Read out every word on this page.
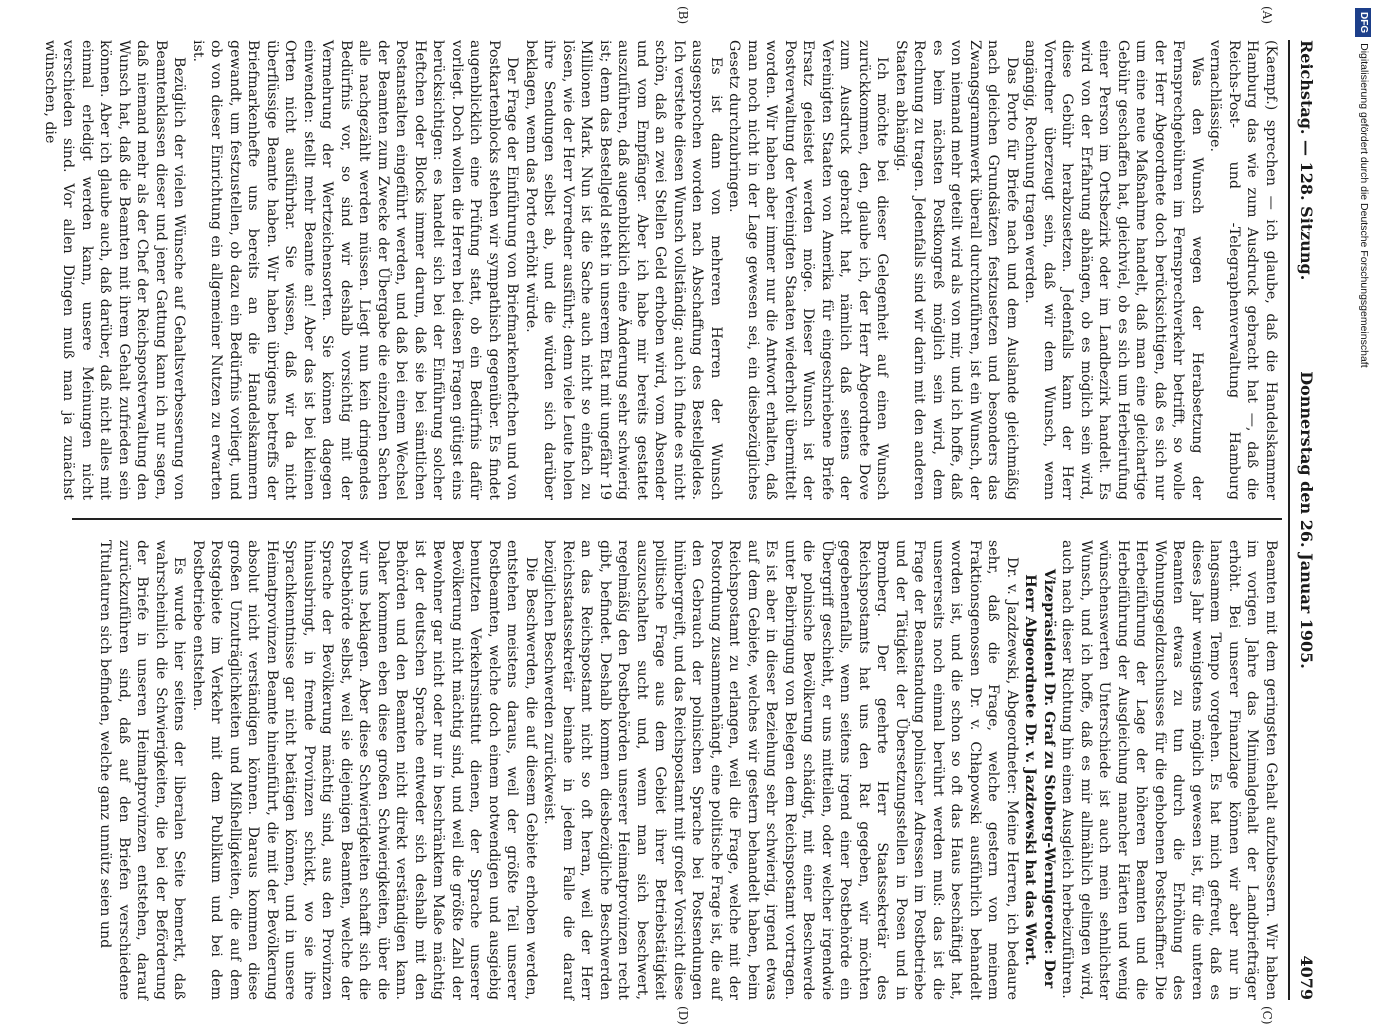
Reichstag. — 128. Sitzung.
Donnerstag den 26. Januar 1905.
4079
(A)
(B)
(C)
(D)

(Kaempf.) sprechen — ich glaube, daß die Handelskammer Hamburg das wie zum Ausdruck gebracht hat —, daß die Reichs-Post- und -Telegraphenverwaltung Hamburg vernachlässige.

Was den Wunsch wegen der Herabsetzung der Fernsprechgebühren im Fernsprechverkehr betrifft, so wolle der Herr Abgeordnete doch berücksichtigen, daß es sich nur um eine neue Maßnahme handelt, daß man eine gleichartige Gebühr geschaffen hat, gleichviel, ob es sich um Herbeirufung einer Person im Ortsbezirk oder im Landbezirk handelt. Es wird von der Erfahrung abhängen, ob es möglich sein wird, diese Gebühr herabzusetzen. Jedenfalls kann der Herr Vorredner überzeugt sein, daß wir dem Wunsch, wenn angängig, Rechnung tragen werden.

Das Porto für Briefe nach und dem Auslande gleichmäßig nach gleichen Grundsätzen festzusetzen und besonders das Zwangsgrammwerk überall durchzuführen, ist ein Wunsch, der von niemand mehr geteilt wird als von mir, und ich hoffe, daß es beim nächsten Postkongreß möglich sein wird, dem Rechnung zu tragen. Jedenfalls sind wir darin mit den anderen Staaten abhängig.

Ich möchte bei dieser Gelegenheit auf einen Wunsch zurückkommen, den, glaube ich, der Herr Abgeordnete Dove zum Ausdruck gebracht hat, nämlich daß seitens der Vereinigten Staaten von Amerika für eingeschriebene Briefe Ersatz geleistet werden möge. Dieser Wunsch ist der Postverwaltung der Vereinigten Staaten wiederholt übermittelt worden. Wir haben aber immer nur die Antwort erhalten, daß man noch nicht in der Lage gewesen sei, ein diesbezügliches Gesetz durchzubringen.

Es ist dann von mehreren Herren der Wunsch ausgesprochen worden nach Abschaffung des Bestellgeldes. Ich verstehe diesen Wunsch vollständig; auch ich finde es nicht schön, daß an zwei Stellen Geld erhoben wird, vom Absender und vom Empfänger. Aber ich habe mir bereits gestattet auszuführen, daß augenblicklich eine Änderung sehr schwierig ist; denn das Bestellgeld steht in unserem Etat mit ungefähr 19 Millionen Mark. Nun ist die Sache auch nicht so einfach zu lösen, wie der Herr Vorredner ausführt; denn viele Leute holen ihre Sendungen selbst ab, und die würden sich darüber beklagen, wenn das Porto erhöht würde.

Der Frage der Einführung von Briefmarkenheftchen und von Postkartenblocks stehen wir sympathisch gegenüber. Es findet augenblicklich eine Prüfung statt, ob ein Bedürfnis dafür vorliegt. Doch wollen die Herren bei diesen Fragen gütigst eins berücksichtigen: es handelt sich bei der Einführung solcher Heftchen oder Blocks immer darum, daß sie bei sämtlichen Postanstalten eingeführt werden, und daß bei einem Wechsel der Beamten zum Zwecke der Übergabe die einzelnen Sachen alle nachgezählt werden müssen. Liegt nun kein dringendes Bedürfnis vor, so sind wir deshalb vorsichtig mit der Vermehrung der Wertzeichensorten. Sie können dagegen einwenden: stellt mehr Beamte an! Aber das ist bei kleinen Orten nicht ausführbar. Sie wissen, daß wir da nicht überflüssige Beamte haben. Wir haben übrigens betreffs der Briefmarkenhefte uns bereits an die Handelskammern gewandt, um festzustellen, ob dazu ein Bedürfnis vorliegt, und ob von dieser Einrichtung ein allgemeiner Nutzen zu erwarten ist.

Bezüglich der vielen Wünsche auf Gehaltsverbesserung von Beamtenklassen dieser und jener Gattung kann ich nur sagen, daß niemand mehr als der Chef der Reichspostverwaltung den Wunsch hat, daß die Beamten mit ihrem Gehalt zufrieden sein können. Aber ich glaube auch, daß darüber, daß nicht alles mit einmal erledigt werden kann, unsere Meinungen nicht verschieden sind. Vor allen Dingen muß man ja zunächst wünschen, die

Beamten mit dem geringsten Gehalt aufzubessern. Wir haben im vorigen Jahre das Minimalgehalt der Landbriefträger erhöht. Bei unserer Finanzlage können wir aber nur in langsamem Tempo vorgehen. Es hat mich gefreut, daß es dieses Jahr wenigstens möglich gewesen ist, für die unteren Beamten etwas zu tun durch die Erhöhung des Wohnungsgeldzuschusses für die gehobenen Postschaffner. Die Herbeiführung der Lage der höheren Beamten und die Herbeiführung der Ausgleichung mancher Härten und wenig wünschenswerten Unterschiede ist auch mein sehnlichster Wunsch, und ich hoffe, daß es mir allmählich gelingen wird, auch nach dieser Richtung hin einen Ausgleich herbeizuführen.

Vizepräsident Dr. Graf zu Stolberg-Wernigerode: Der Herr Abgeordnete Dr. v. Jazdzewski hat das Wort.

Dr. v. Jazdzewski, Abgeordneter: Meine Herren, ich bedaure sehr, daß die Frage, welche gestern von meinem Fraktionsgenossen Dr. v. Chłapowski ausführlich behandelt worden ist, und die schon so oft das Haus beschäftigt hat, unsererseits noch einmal berührt werden muß: das ist die Frage der Beanstandung polnischer Adressen im Postbetriebe und der Tätigkeit der Übersetzungsstellen in Posen und in Bromberg. Der geehrte Herr Staatssekretär des Reichspostamts hat uns den Rat gegeben, wir möchten gegebenenfalls, wenn seitens irgend einer Postbehörde ein Übergriff geschieht, er uns mitteilen, oder welcher irgendwie die polnische Bevölkerung schädigt, mit einer Beschwerde unter Beibringung von Belegen dem Reichspostamt vortragen. Es ist aber in dieser Beziehung sehr schwierig, irgend etwas auf dem Gebiete, welches wir gestern behandelt haben, beim Reichspostamt zu erlangen, weil die Frage, welche mit der Postordnung zusammenhängt, eine politische Frage ist, die auf den Gebrauch der polnischen Sprache bei Postsendungen hinübergreift, und das Reichspostamt mit großer Vorsicht diese politische Frage aus dem Gebiet ihrer Betriebstätigkeit auszuschalten sucht und, wenn man sich beschwert, regelmäßig den Postbehörden unserer Heimatprovinzen recht gibt, befindet. Deshalb kommen diesbezügliche Beschwerden an das Reichspostamt nicht so oft heran, weil der Herr Reichsstaatssekretär beinahe in jedem Falle die darauf bezüglichen Beschwerden zurückweist.

Die Beschwerden, die auf diesem Gebiete erhoben werden, entstehen meistens daraus, weil der größte Teil unserer Postbeamten, welche doch einem notwendigen und ausgiebig benutzten Verkehrsinstitut dienen, der Sprache unserer Bevölkerung nicht mächtig sind, und weil die größte Zahl der Bewohner gar nicht oder nur in beschränktem Maße mächtig ist der deutschen Sprache entweder sich deshalb mit den Behörden und den Beamten nicht direkt verständigen kann. Daher kommen eben diese großen Schwierigkeiten, über die wir uns beklagen. Aber diese Schwierigkeiten schafft sich die Postbehörde selbst, weil sie diejenigen Beamten, welche der Sprache der Bevölkerung mächtig sind, aus den Provinzen hinausbringt, in fremde Provinzen schickt, wo sie ihre Sprachkenntnisse gar nicht betätigen können, und in unsere Heimatprovinzen Beamte hineinführt, die mit der Bevölkerung absolut nicht verständigen können. Daraus kommen diese großen Unzuträglichkeiten und Mißhelligkeiten, die auf dem Postgebiete im Verkehr mit dem Publikum und bei dem Postbetriebe entstehen.

Es wurde hier seitens der liberalen Seite bemerkt, daß wahrscheinlich die Schwierigkeiten, die bei der Beförderung der Briefe in unseren Heimatprovinzen entstehen, darauf zurückzuführen sind, daß auf den Briefen verschiedene Titulaturen sich befinden, welche ganz unnütz seien und

DFGDigitalisierung gefördert durch die Deutsche Forschungsgemeinschaft
